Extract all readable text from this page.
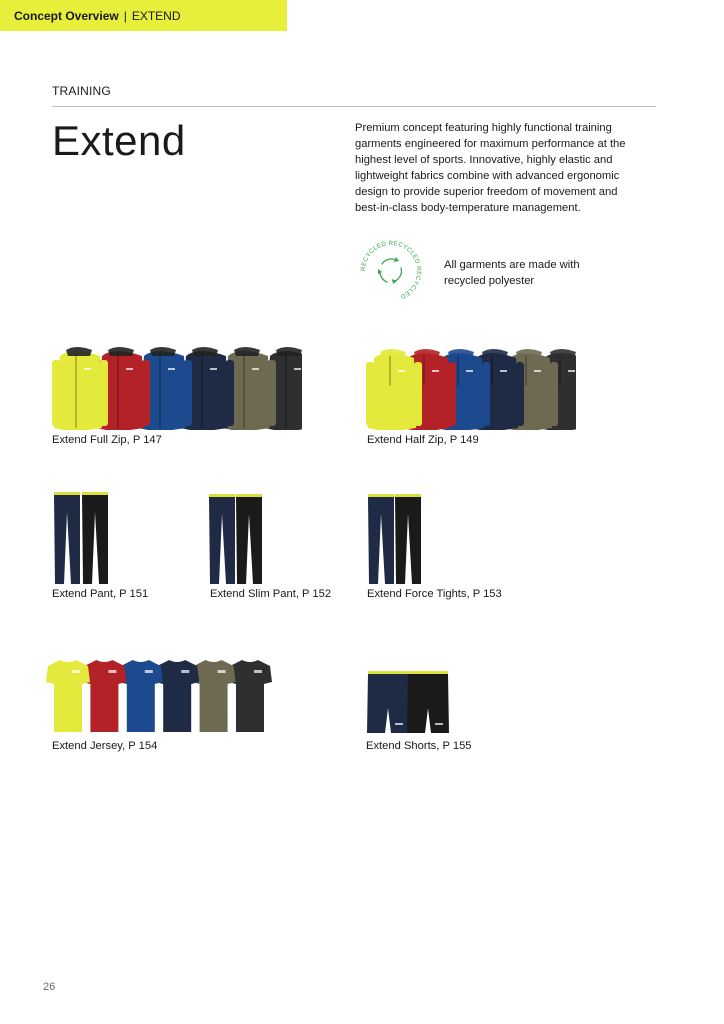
Concept Overview | EXTEND
TRAINING
Extend	Premium concept featuring highly functional training garments engineered for maximum performance at the highest level of sports. Innovative, highly elastic and lightweight fabrics combine with advanced ergonomic design to provide superior freedom of movement and best-in-class body-temperature management.
RECYCLED RECYCLED RECYCLED
All garments are made with recycled polyester
Extend Full Zip, P 147	Extend Half Zip, P 149
Extend Pant, P 151	Extend Slim Pant, P 152	Extend Force Tights, P 153
Extend Jersey, P 154	Extend Shorts, P 155
26
